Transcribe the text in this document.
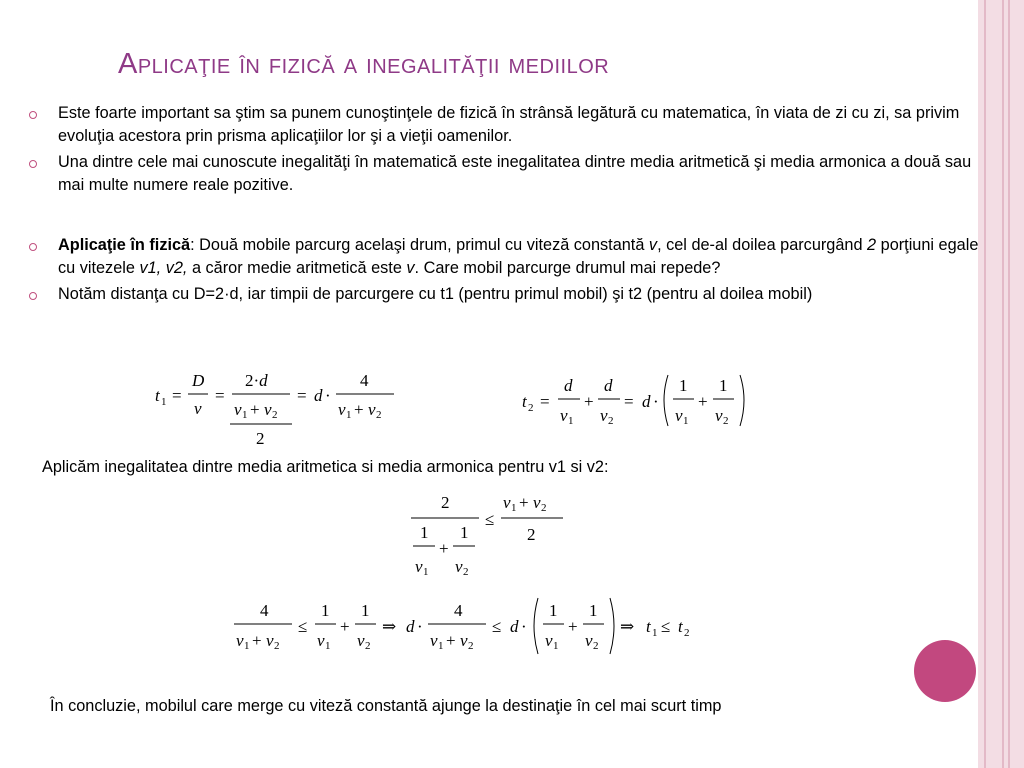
Aplicaţie în fizică a inegalităţii mediilor
Este foarte important sa ştim sa punem cunoştinţele de fizică în strânsă legătură cu matematica, în viata de zi cu zi, sa privim evoluţia acestora prin prisma aplicaţiilor lor şi a vieţii oamenilor.
Una dintre cele mai cunoscute inegalităţi în matematică este inegalitatea dintre media aritmetică şi media armonica a două sau mai multe numere reale pozitive.
Aplicaţie în fizică: Două mobile parcurg acelaşi drum, primul cu viteză constantă v, cel de-al doilea parcurgând 2 porţiuni egale cu vitezele v1, v2, a căror medie aritmetică este v. Care mobil parcurge drumul mai repede?
Notăm distanţa cu D=2·d, iar timpii de parcurgere cu t1 (pentru primul mobil) şi t2 (pentru al doilea mobil)
t 1 =
D
v
=
2·d
v 1 + v 2
2
= d ·
4
v 1 + v 2
t 2 =
d
v 1
+
d
v 2
= d ·
1
v 1
+
1
v 2
Aplicăm inegalitatea dintre media aritmetica si media armonica pentru v1 si v2:
2
1
v 1
+
1
v 2
≤
v 1 + v 2
2
4
v 1 + v 2
≤
1
v 1
+
1
v 2
⇒ d ·
4
v 1 + v 2
≤ d ·
1
v 1
+
1
v 2
⇒ t 1 ≤ t 2
În concluzie, mobilul care merge cu viteză constantă ajunge la destinaţie în cel mai scurt timp
